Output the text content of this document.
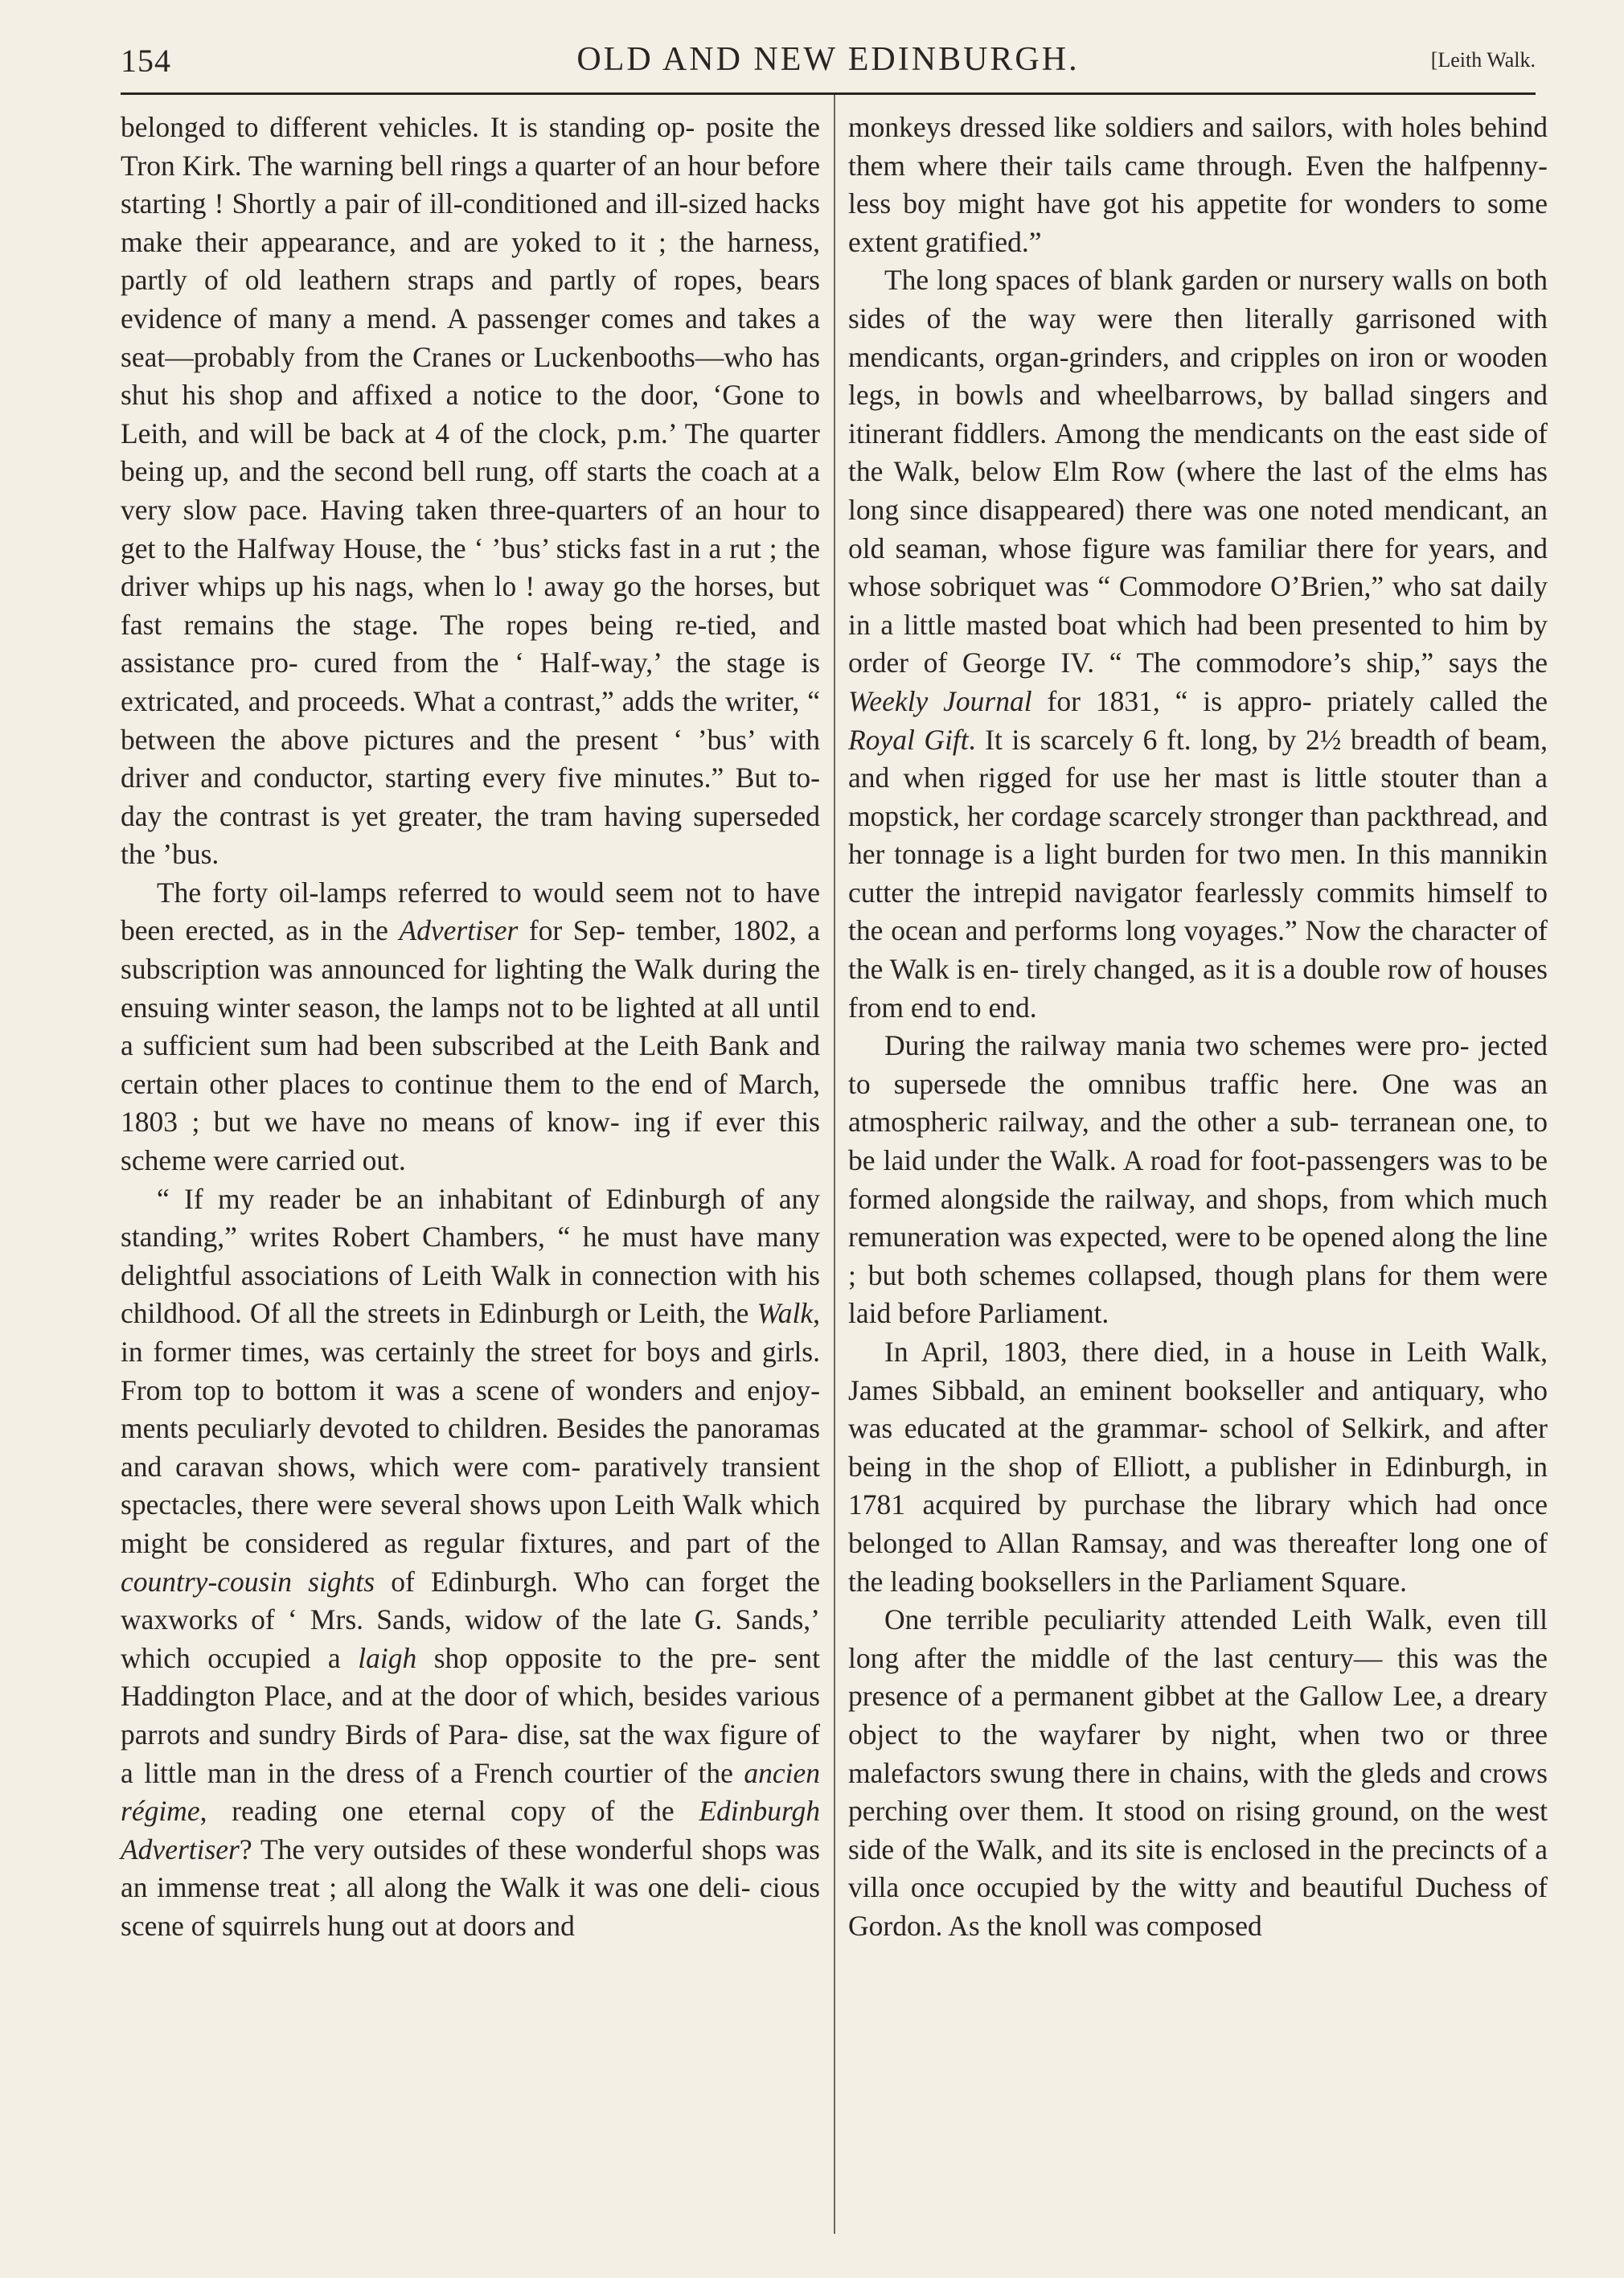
154	OLD AND NEW EDINBURGH.	[Leith Walk.

belonged to different vehicles. It is standing op- posite the Tron Kirk. The warning bell rings a quarter of an hour before starting ! Shortly a pair of ill-conditioned and ill-sized hacks make their appearance, and are yoked to it ; the harness, partly of old leathern straps and partly of ropes, bears evidence of many a mend. A passenger comes and takes a seat—probably from the Cranes or Luckenbooths—who has shut his shop and affixed a notice to the door, ‘Gone to Leith, and will be back at 4 of the clock, p.m.’ The quarter being up, and the second bell rung, off starts the coach at a very slow pace. Having taken three-quarters of an hour to get to the Halfway House, the ‘ ’bus’ sticks fast in a rut ; the driver whips up his nags, when lo ! away go the horses, but fast remains the stage. The ropes being re-tied, and assistance pro- cured from the ‘ Half-way,’ the stage is extricated, and proceeds. What a contrast,” adds the writer, “ between the above pictures and the present ‘ ’bus’ with driver and conductor, starting every five minutes.” But to-day the contrast is yet greater, the tram having superseded the ’bus.

The forty oil-lamps referred to would seem not to have been erected, as in the Advertiser for Sep- tember, 1802, a subscription was announced for lighting the Walk during the ensuing winter season, the lamps not to be lighted at all until a sufficient sum had been subscribed at the Leith Bank and certain other places to continue them to the end of March, 1803 ; but we have no means of know- ing if ever this scheme were carried out.

“ If my reader be an inhabitant of Edinburgh of any standing,” writes Robert Chambers, “ he must have many delightful associations of Leith Walk in connection with his childhood. Of all the streets in Edinburgh or Leith, the Walk, in former times, was certainly the street for boys and girls. From top to bottom it was a scene of wonders and enjoy- ments peculiarly devoted to children. Besides the panoramas and caravan shows, which were com- paratively transient spectacles, there were several shows upon Leith Walk which might be considered as regular fixtures, and part of the country-cousin sights of Edinburgh. Who can forget the waxworks of ‘ Mrs. Sands, widow of the late G. Sands,’ which occupied a laigh shop opposite to the pre- sent Haddington Place, and at the door of which, besides various parrots and sundry Birds of Para- dise, sat the wax figure of a little man in the dress of a French courtier of the ancien régime, reading one eternal copy of the Edinburgh Advertiser? The very outsides of these wonderful shops was an immense treat ; all along the Walk it was one deli- cious scene of squirrels hung out at doors and

monkeys dressed like soldiers and sailors, with holes behind them where their tails came through. Even the halfpenny-less boy might have got his appetite for wonders to some extent gratified.”

The long spaces of blank garden or nursery walls on both sides of the way were then literally garrisoned with mendicants, organ-grinders, and cripples on iron or wooden legs, in bowls and wheelbarrows, by ballad singers and itinerant fiddlers. Among the mendicants on the east side of the Walk, below Elm Row (where the last of the elms has long since disappeared) there was one noted mendicant, an old seaman, whose figure was familiar there for years, and whose sobriquet was “ Commodore O’Brien,” who sat daily in a little masted boat which had been presented to him by order of George IV. “ The commodore’s ship,” says the Weekly Journal for 1831, “ is appro- priately called the Royal Gift. It is scarcely 6 ft. long, by 2½ breadth of beam, and when rigged for use her mast is little stouter than a mopstick, her cordage scarcely stronger than packthread, and her tonnage is a light burden for two men. In this mannikin cutter the intrepid navigator fearlessly commits himself to the ocean and performs long voyages.” Now the character of the Walk is en- tirely changed, as it is a double row of houses from end to end.

During the railway mania two schemes were pro- jected to supersede the omnibus traffic here. One was an atmospheric railway, and the other a sub- terranean one, to be laid under the Walk. A road for foot-passengers was to be formed alongside the railway, and shops, from which much remuneration was expected, were to be opened along the line ; but both schemes collapsed, though plans for them were laid before Parliament.

In April, 1803, there died, in a house in Leith Walk, James Sibbald, an eminent bookseller and antiquary, who was educated at the grammar- school of Selkirk, and after being in the shop of Elliott, a publisher in Edinburgh, in 1781 acquired by purchase the library which had once belonged to Allan Ramsay, and was thereafter long one of the leading booksellers in the Parliament Square.

One terrible peculiarity attended Leith Walk, even till long after the middle of the last century— this was the presence of a permanent gibbet at the Gallow Lee, a dreary object to the wayfarer by night, when two or three malefactors swung there in chains, with the gleds and crows perching over them. It stood on rising ground, on the west side of the Walk, and its site is enclosed in the precincts of a villa once occupied by the witty and beautiful Duchess of Gordon. As the knoll was composed
